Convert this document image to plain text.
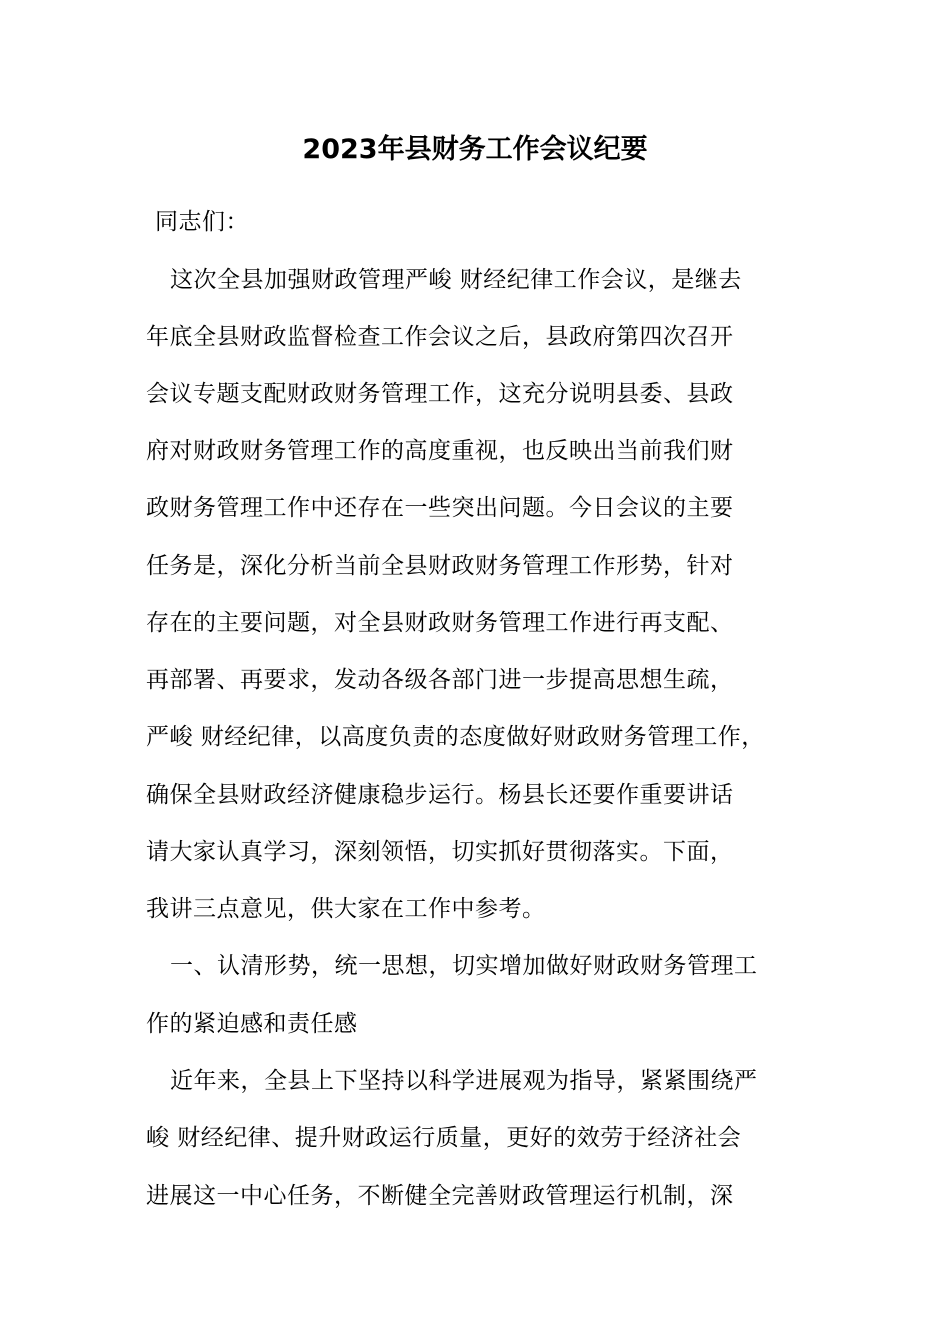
2023年县财务工作会议纪要
同志们：
这次全县加强财政管理严峻 财经纪律工作会议，是继去
年底全县财政监督检查工作会议之后，县政府第四次召开
会议专题支配财政财务管理工作，这充分说明县委、县政
府对财政财务管理工作的高度重视，也反映出当前我们财
政财务管理工作中还存在一些突出问题。今日会议的主要
任务是，深化分析当前全县财政财务管理工作形势，针对
存在的主要问题，对全县财政财务管理工作进行再支配、
再部署、再要求，发动各级各部门进一步提高思想生疏，
严峻 财经纪律，以高度负责的态度做好财政财务管理工作，
确保全县财政经济健康稳步运行。杨县长还要作重要讲话
请大家认真学习，深刻领悟，切实抓好贯彻落实。下面，
我讲三点意见，供大家在工作中参考。
一、认清形势，统一思想，切实增加做好财政财务管理工
作的紧迫感和责任感
近年来，全县上下坚持以科学进展观为指导，紧紧围绕严
峻 财经纪律、提升财政运行质量，更好的效劳于经济社会
进展这一中心任务，不断健全完善财政管理运行机制，深
